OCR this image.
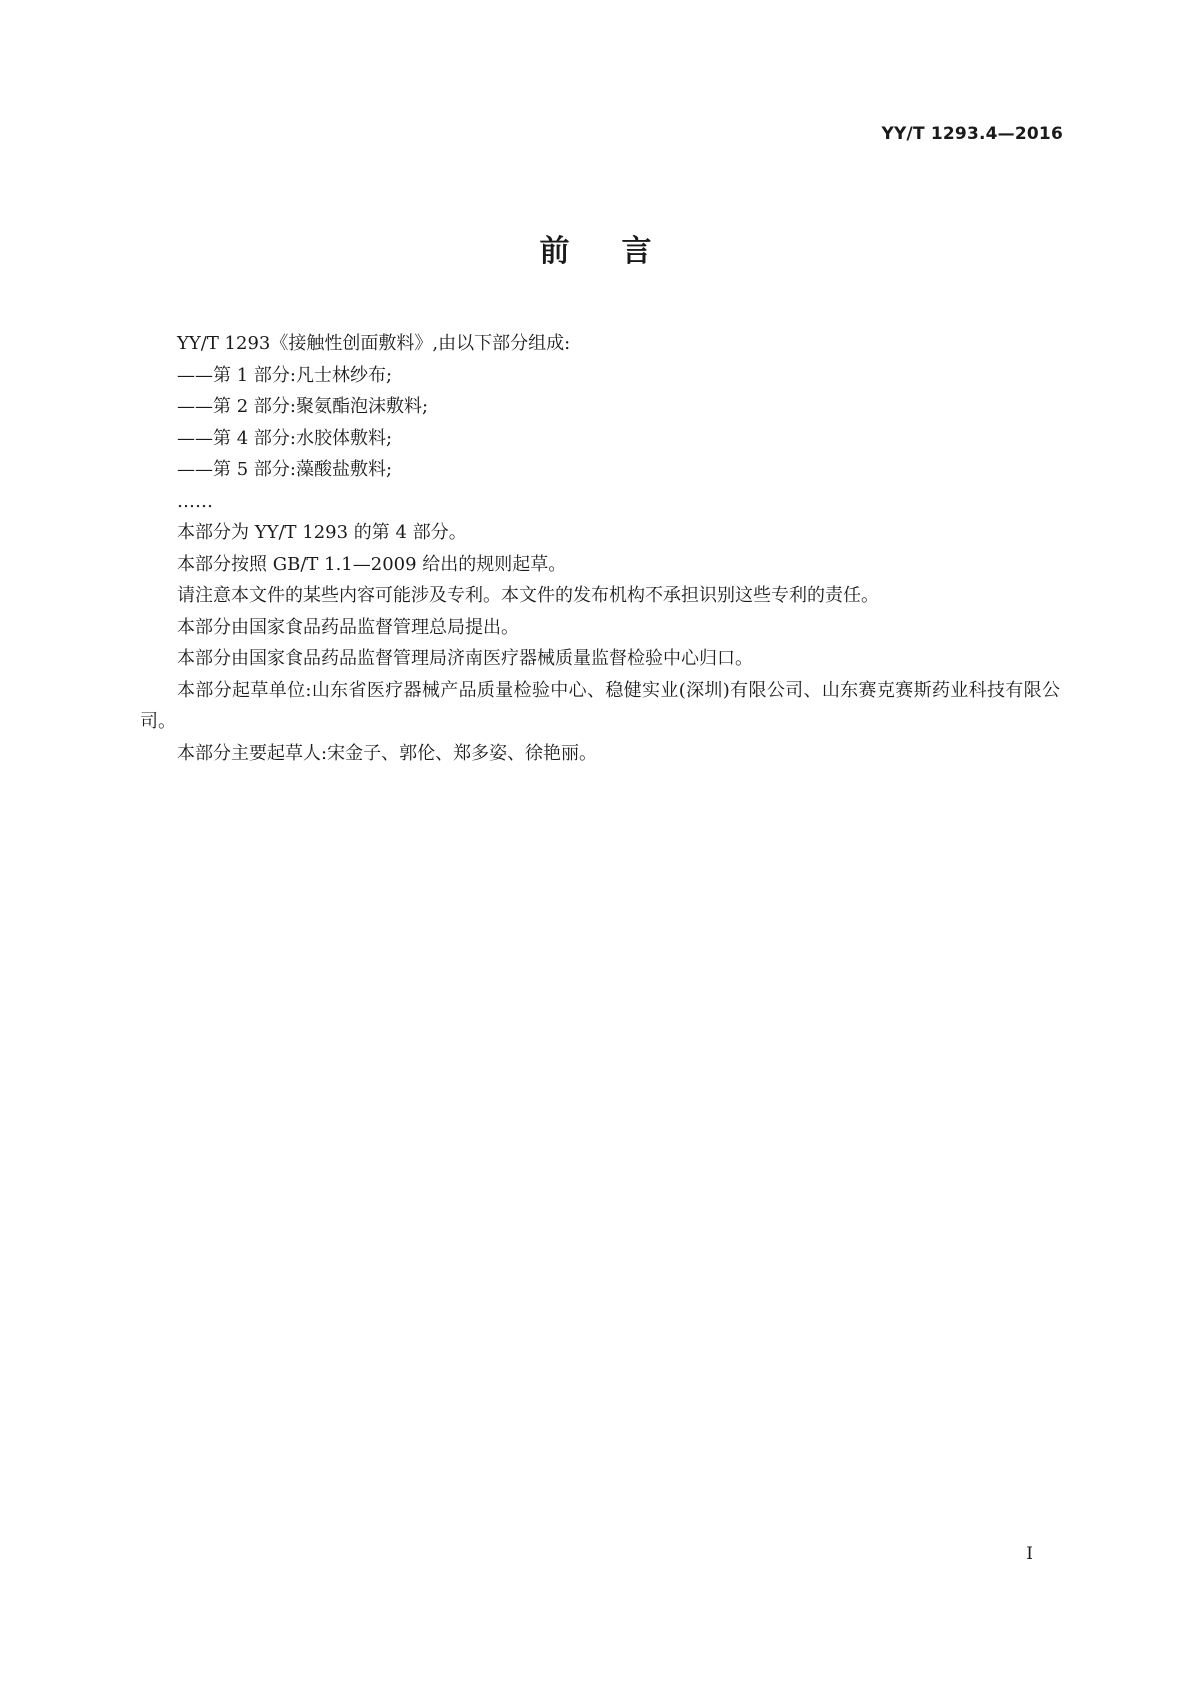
YY/T 1293.4—2016
前言

YY/T 1293《接触性创面敷料》,由以下部分组成:

——第 1 部分:凡士林纱布;

——第 2 部分:聚氨酯泡沫敷料;

——第 4 部分:水胶体敷料;

——第 5 部分:藻酸盐敷料;

……

本部分为 YY/T 1293 的第 4 部分。

本部分按照 GB/T 1.1—2009 给出的规则起草。

请注意本文件的某些内容可能涉及专利。本文件的发布机构不承担识别这些专利的责任。

本部分由国家食品药品监督管理总局提出。

本部分由国家食品药品监督管理局济南医疗器械质量监督检验中心归口。

本部分起草单位:山东省医疗器械产品质量检验中心、稳健实业(深圳)有限公司、山东赛克赛斯药业科技有限公司。

本部分主要起草人:宋金子、郭伦、郑多姿、徐艳丽。

I
